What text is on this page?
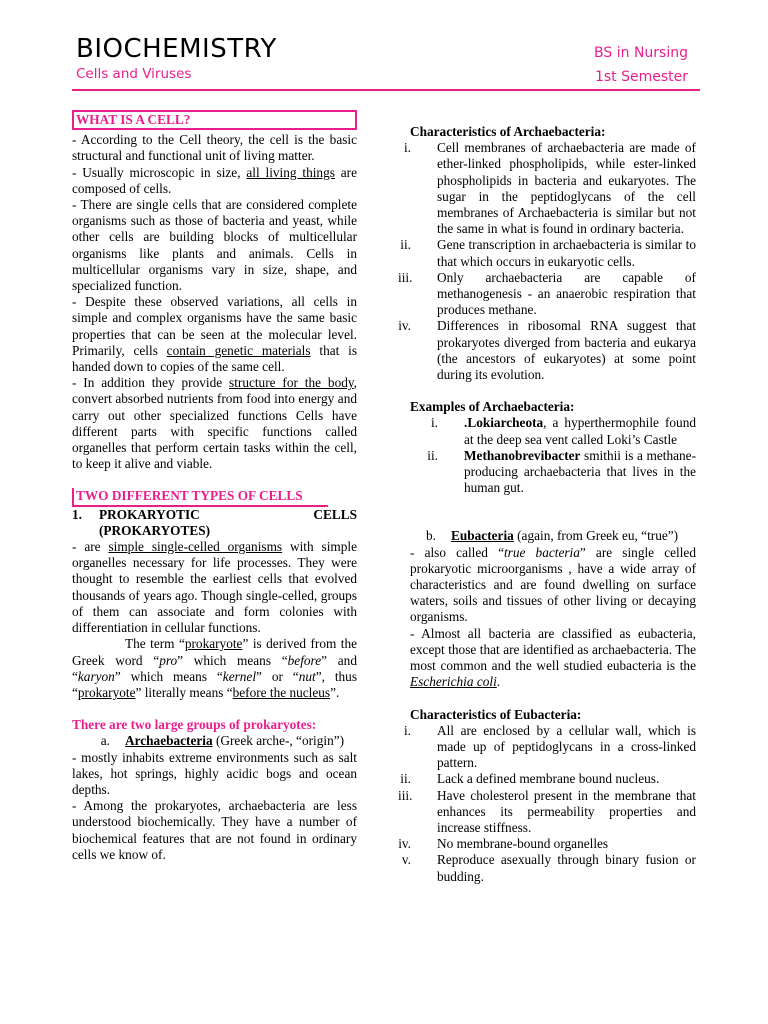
BIOCHEMISTRY
Cells and Viruses
BS in Nursing
1st Semester
WHAT IS A CELL?

- According to the Cell theory, the cell is the basic structural and functional unit of living matter.

- Usually microscopic in size, all living things are composed of cells.

- There are single cells that are considered complete organisms such as those of bacteria and yeast, while other cells are building blocks of multicellular organisms like plants and animals. Cells in multicellular organisms vary in size, shape, and specialized function.

- Despite these observed variations, all cells in simple and complex organisms have the same basic properties that can be seen at the molecular level. Primarily, cells contain genetic materials that is handed down to copies of the same cell.

- In addition they provide structure for the body, convert absorbed nutrients from food into energy and carry out other specialized functions Cells have different parts with specific functions called organelles that perform certain tasks within the cell, to keep it alive and viable.

TWO DIFFERENT TYPES OF CELLS
1.	PROKARYOTIC CELLS (PROKARYOTES)

- are simple single-celled organisms with simple organelles necessary for life processes. They were thought to resemble the earliest cells that evolved thousands of years ago. Though single-celled, groups of them can associate and form colonies with differentiation in cellular functions.

The term “prokaryote” is derived from the Greek word “pro” which means “before” and “karyon” which means “kernel” or “nut”, thus “prokaryote” literally means “before the nucleus”.

There are two large groups of prokaryotes:

a. Archaebacteria (Greek arche-, “origin”)

- mostly inhabits extreme environments such as salt lakes, hot springs, highly acidic bogs and ocean depths.

- Among the prokaryotes, archaebacteria are less understood biochemically. They have a number of biochemical features that are not found in ordinary cells we know of.

Characteristics of Archaebacteria:

i. Cell membranes of archaebacteria are made of ether-linked phospholipids, while ester-linked phospholipids in bacteria and eukaryotes. The sugar in the peptidoglycans of the cell membranes of Archaebacteria is similar but not the same in what is found in ordinary bacteria.
ii. Gene transcription in archaebacteria is similar to that which occurs in eukaryotic cells.
iii. Only archaebacteria are capable of methanogenesis - an anaerobic respiration that produces methane.
iv. Differences in ribosomal RNA suggest that prokaryotes diverged from bacteria and eukarya (the ancestors of eukaryotes) at some point during its evolution.

Examples of Archaebacteria:

i. .Lokiarcheota, a hyperthermophile found at the deep sea vent called Loki’s Castle
ii. Methanobrevibacter smithii is a methane-producing archaebacteria that lives in the human gut.
b. Eubacteria (again, from Greek eu, “true”)

- also called “true bacteria” are single celled prokaryotic microorganisms , have a wide array of characteristics and are found dwelling on surface waters, soils and tissues of other living or decaying organisms.

- Almost all bacteria are classified as eubacteria, except those that are identified as archaebacteria. The most common and the well studied eubacteria is the Escherichia coli.

Characteristics of Eubacteria:

i. All are enclosed by a cellular wall, which is made up of peptidoglycans in a cross-linked pattern.
ii. Lack a defined membrane bound nucleus.
iii. Have cholesterol present in the membrane that enhances its permeability properties and increase stiffness.
iv. No membrane-bound organelles
v. Reproduce asexually through binary fusion or budding.
